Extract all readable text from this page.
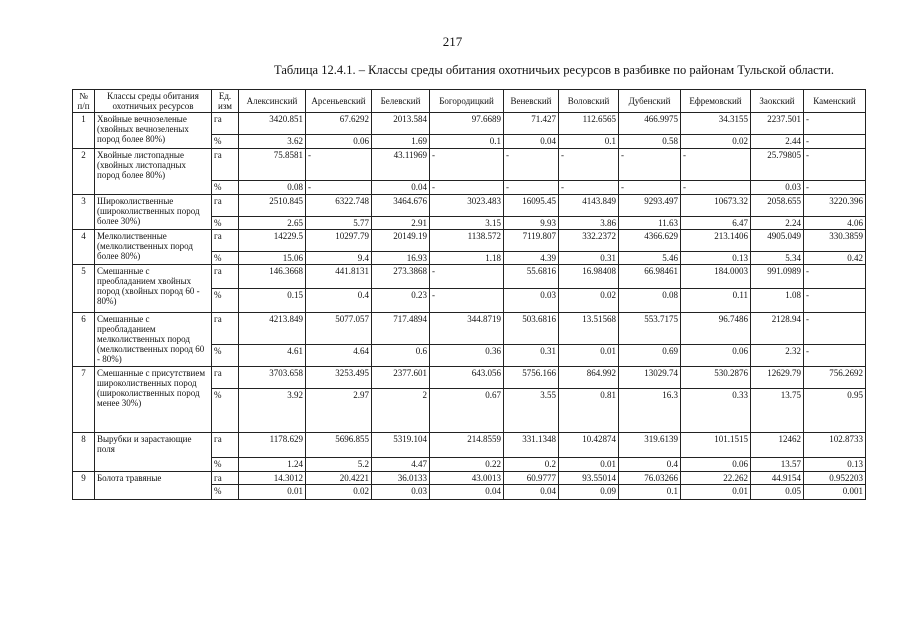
217
Таблица 12.4.1. – Классы среды обитания охотничьих ресурсов в разбивке по районам Тульской области.
№ п/п	Классы среды обитания охотничьих ресурсов	Ед. изм	Алексинский	Арсеньевский	Белевский	Богородицкий	Веневский	Воловский	Дубенский	Ефремовский	Заокский	Каменский
1	Хвойные вечнозеленые (хвойных вечнозеленых пород более 80%)	га	3420.851	67.6292	2013.584	97.6689	71.427	112.6565	466.9975	34.3155	2237.501	-
		%	3.62	0.06	1.69	0.1	0.04	0.1	0.58	0.02	2.44	-
2	Хвойные листопадные (хвойных листопадных пород более 80%)	га	75.8581	-	43.11969	-	-	-	-	-	25.79805	-
		%	0.08	-	0.04	-	-	-	-	-	0.03	-
3	Широколиственные (широколиственных пород более 30%)	га	2510.845	6322.748	3464.676	3023.483	16095.45	4143.849	9293.497	10673.32	2058.655	3220.396
		%	2.65	5.77	2.91	3.15	9.93	3.86	11.63	6.47	2.24	4.06
4	Мелколиственные (мелколиственных пород более 80%)	га	14229.5	10297.79	20149.19	1138.572	7119.807	332.2372	4366.629	213.1406	4905.049	330.3859
		%	15.06	9.4	16.93	1.18	4.39	0.31	5.46	0.13	5.34	0.42
5	Смешанные с преобладанием хвойных пород (хвойных пород 60 - 80%)	га	146.3668	441.8131	273.3868	-	55.6816	16.98408	66.98461	184.0003	991.0989	-
		%	0.15	0.4	0.23	-	0.03	0.02	0.08	0.11	1.08	-
6	Смешанные с преобладанием мелколиственных пород (мелколиственных пород 60 - 80%)	га	4213.849	5077.057	717.4894	344.8719	503.6816	13.51568	553.7175	96.7486	2128.94	-
		%	4.61	4.64	0.6	0.36	0.31	0.01	0.69	0.06	2.32	-
7	Смешанные с присутствием широколиственных пород (широколиственных пород менее 30%)	га	3703.658	3253.495	2377.601	643.056	5756.166	864.992	13029.74	530.2876	12629.79	756.2692
		%	3.92	2.97	2	0.67	3.55	0.81	16.3	0.33	13.75	0.95
8	Вырубки и зарастающие поля	га	1178.629	5696.855	5319.104	214.8559	331.1348	10.42874	319.6139	101.1515	12462	102.8733
		%	1.24	5.2	4.47	0.22	0.2	0.01	0.4	0.06	13.57	0.13
9	Болота травяные	га	14.3012	20.4221	36.0133	43.0013	60.9777	93.55014	76.03266	22.262	44.9154	0.952203
		%	0.01	0.02	0.03	0.04	0.04	0.09	0.1	0.01	0.05	0.001
